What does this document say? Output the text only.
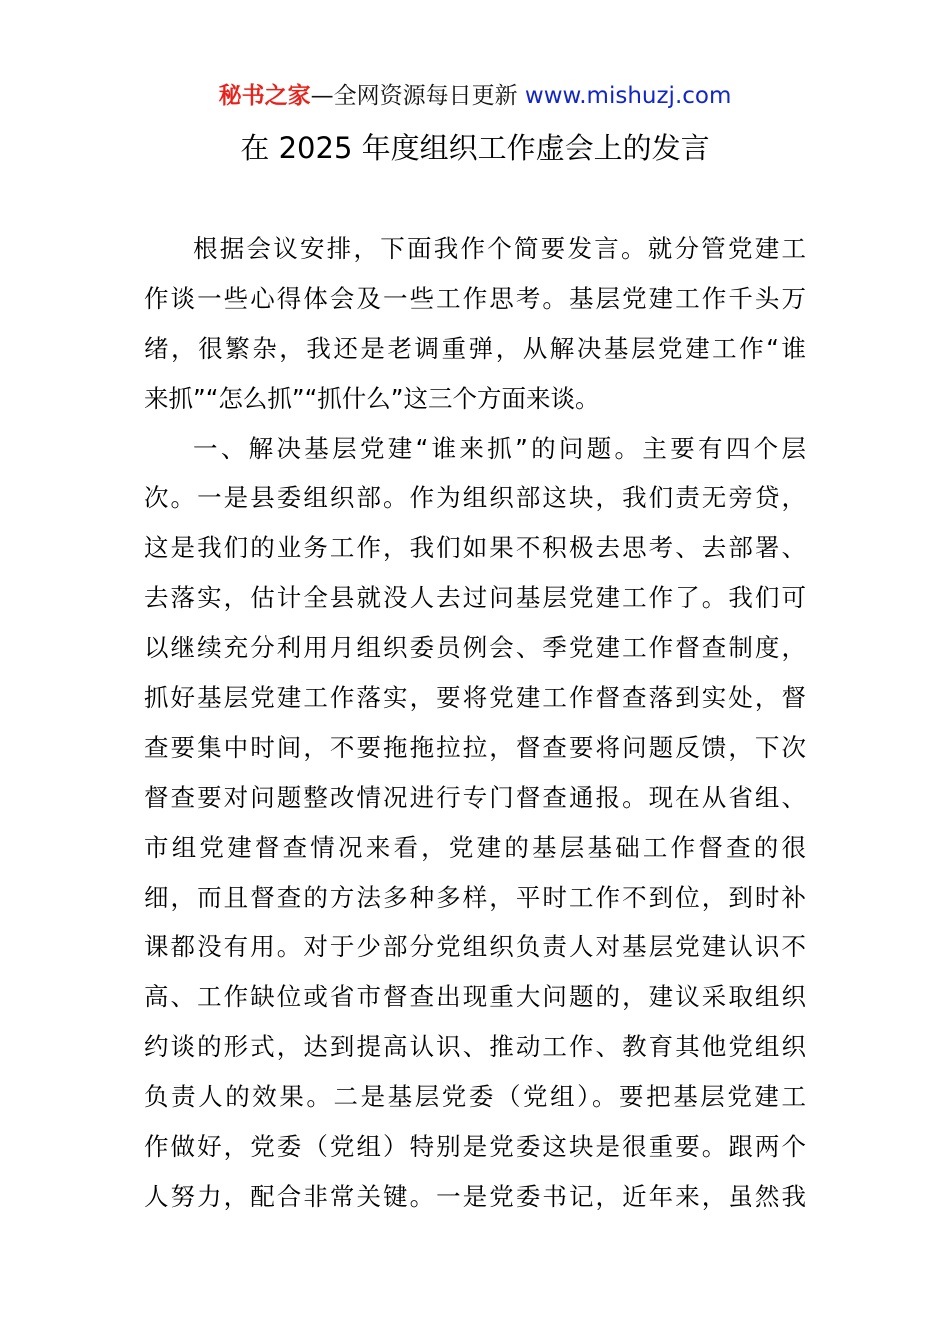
秘书之家—全网资源每日更新 www.mishuzj.com
在 2025 年度组织工作虚会上的发言
根据会议安排，下面我作个简要发言。就分管党建工
作谈一些心得体会及一些工作思考。基层党建工作千头万
绪，很繁杂，我还是老调重弹，从解决基层党建工作“谁
来抓”“怎么抓”“抓什么”这三个方面来谈。
一、解决基层党建“谁来抓”的问题。主要有四个层
次。一是县委组织部。作为组织部这块，我们责无旁贷，
这是我们的业务工作，我们如果不积极去思考、去部署、
去落实，估计全县就没人去过问基层党建工作了。我们可
以继续充分利用月组织委员例会、季党建工作督查制度，
抓好基层党建工作落实，要将党建工作督查落到实处，督
查要集中时间，不要拖拖拉拉，督查要将问题反馈，下次
督查要对问题整改情况进行专门督查通报。现在从省组、
市组党建督查情况来看，党建的基层基础工作督查的很
细，而且督查的方法多种多样，平时工作不到位，到时补
课都没有用。对于少部分党组织负责人对基层党建认识不
高、工作缺位或省市督查出现重大问题的，建议采取组织
约谈的形式，达到提高认识、推动工作、教育其他党组织
负责人的效果。二是基层党委（党组）。要把基层党建工
作做好，党委（党组）特别是党委这块是很重要。跟两个
人努力，配合非常关键。一是党委书记，近年来，虽然我
